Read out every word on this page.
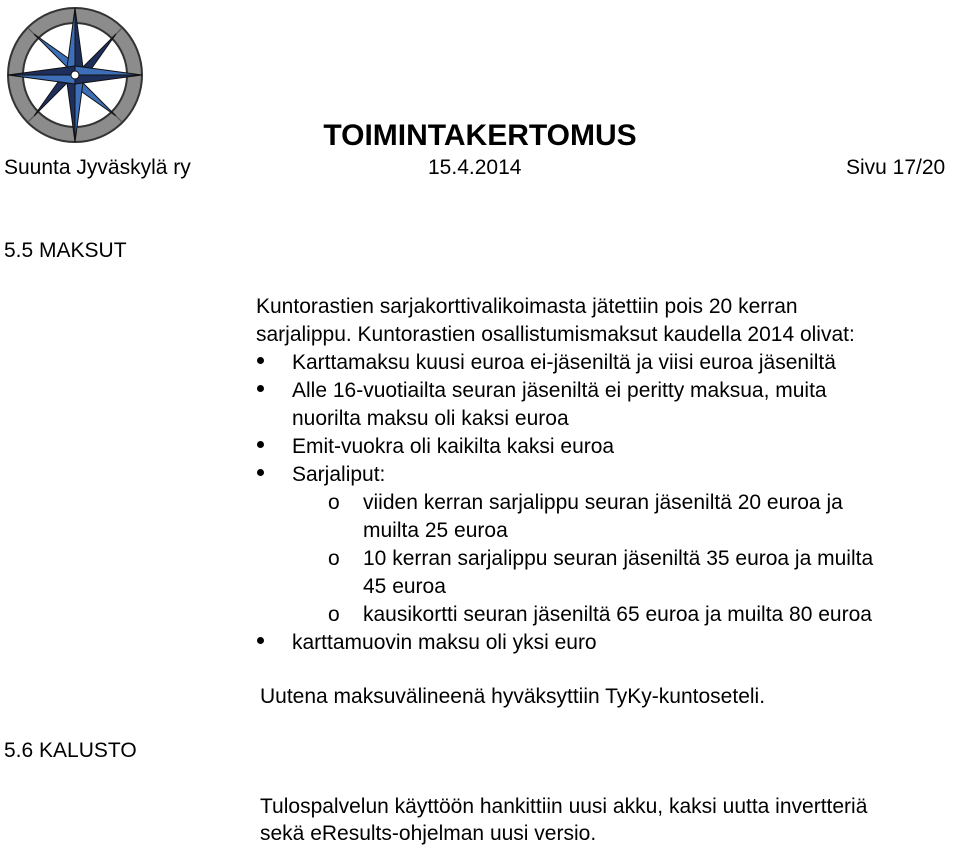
TOIMINTAKERTOMUS
Suunta Jyväskylä ry	15.4.2014	Sivu 17/20
5.5 MAKSUT
Kuntorastien sarjakorttivalikoimasta jätettiin pois 20 kerran
sarjalippu. Kuntorastien osallistumismaksut kaudella 2014 olivat:
Karttamaksu kuusi euroa ei-jäseniltä ja viisi euroa jäseniltä
Alle 16-vuotiailta seuran jäseniltä ei peritty maksua, muita
nuorilta maksu oli kaksi euroa
Emit-vuokra oli kaikilta kaksi euroa
Sarjaliput:
o viiden kerran sarjalippu seuran jäseniltä 20 euroa ja
muilta 25 euroa
o 10 kerran sarjalippu seuran jäseniltä 35 euroa ja muilta
45 euroa
o kausikortti seuran jäseniltä 65 euroa ja muilta 80 euroa
karttamuovin maksu oli yksi euro
Uutena maksuvälineenä hyväksyttiin TyKy-kuntoseteli.
5.6 KALUSTO
Tulospalvelun käyttöön hankittiin uusi akku, kaksi uutta invertteriä
sekä eResults-ohjelman uusi versio.
